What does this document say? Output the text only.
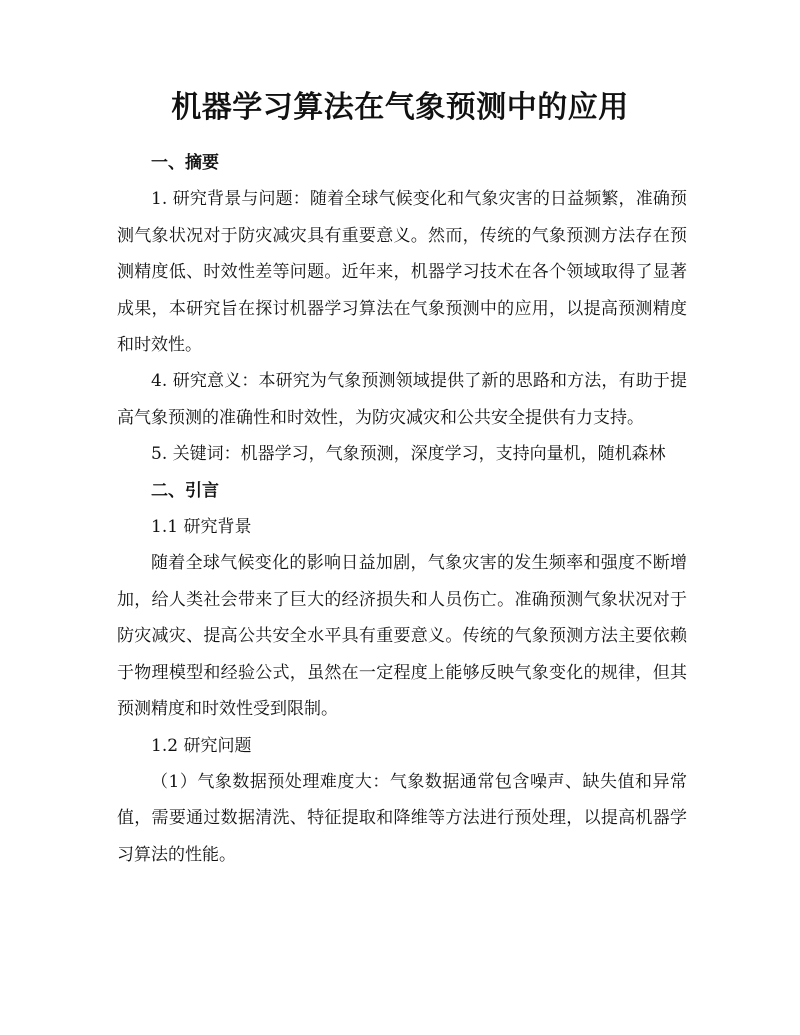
机器学习算法在气象预测中的应用

一、摘要

1. 研究背景与问题：随着全球气候变化和气象灾害的日益频繁，准确预测气象状况对于防灾减灾具有重要意义。然而，传统的气象预测方法存在预测精度低、时效性差等问题。近年来，机器学习技术在各个领域取得了显著成果，本研究旨在探讨机器学习算法在气象预测中的应用，以提高预测精度和时效性。

4. 研究意义：本研究为气象预测领域提供了新的思路和方法，有助于提高气象预测的准确性和时效性，为防灾减灾和公共安全提供有力支持。

5. 关键词：机器学习，气象预测，深度学习，支持向量机，随机森林

二、引言

1.1 研究背景

随着全球气候变化的影响日益加剧，气象灾害的发生频率和强度不断增加，给人类社会带来了巨大的经济损失和人员伤亡。准确预测气象状况对于防灾减灾、提高公共安全水平具有重要意义。传统的气象预测方法主要依赖于物理模型和经验公式，虽然在一定程度上能够反映气象变化的规律，但其预测精度和时效性受到限制。

1.2 研究问题

（1）气象数据预处理难度大：气象数据通常包含噪声、缺失值和异常值，需要通过数据清洗、特征提取和降维等方法进行预处理，以提高机器学习算法的性能。
